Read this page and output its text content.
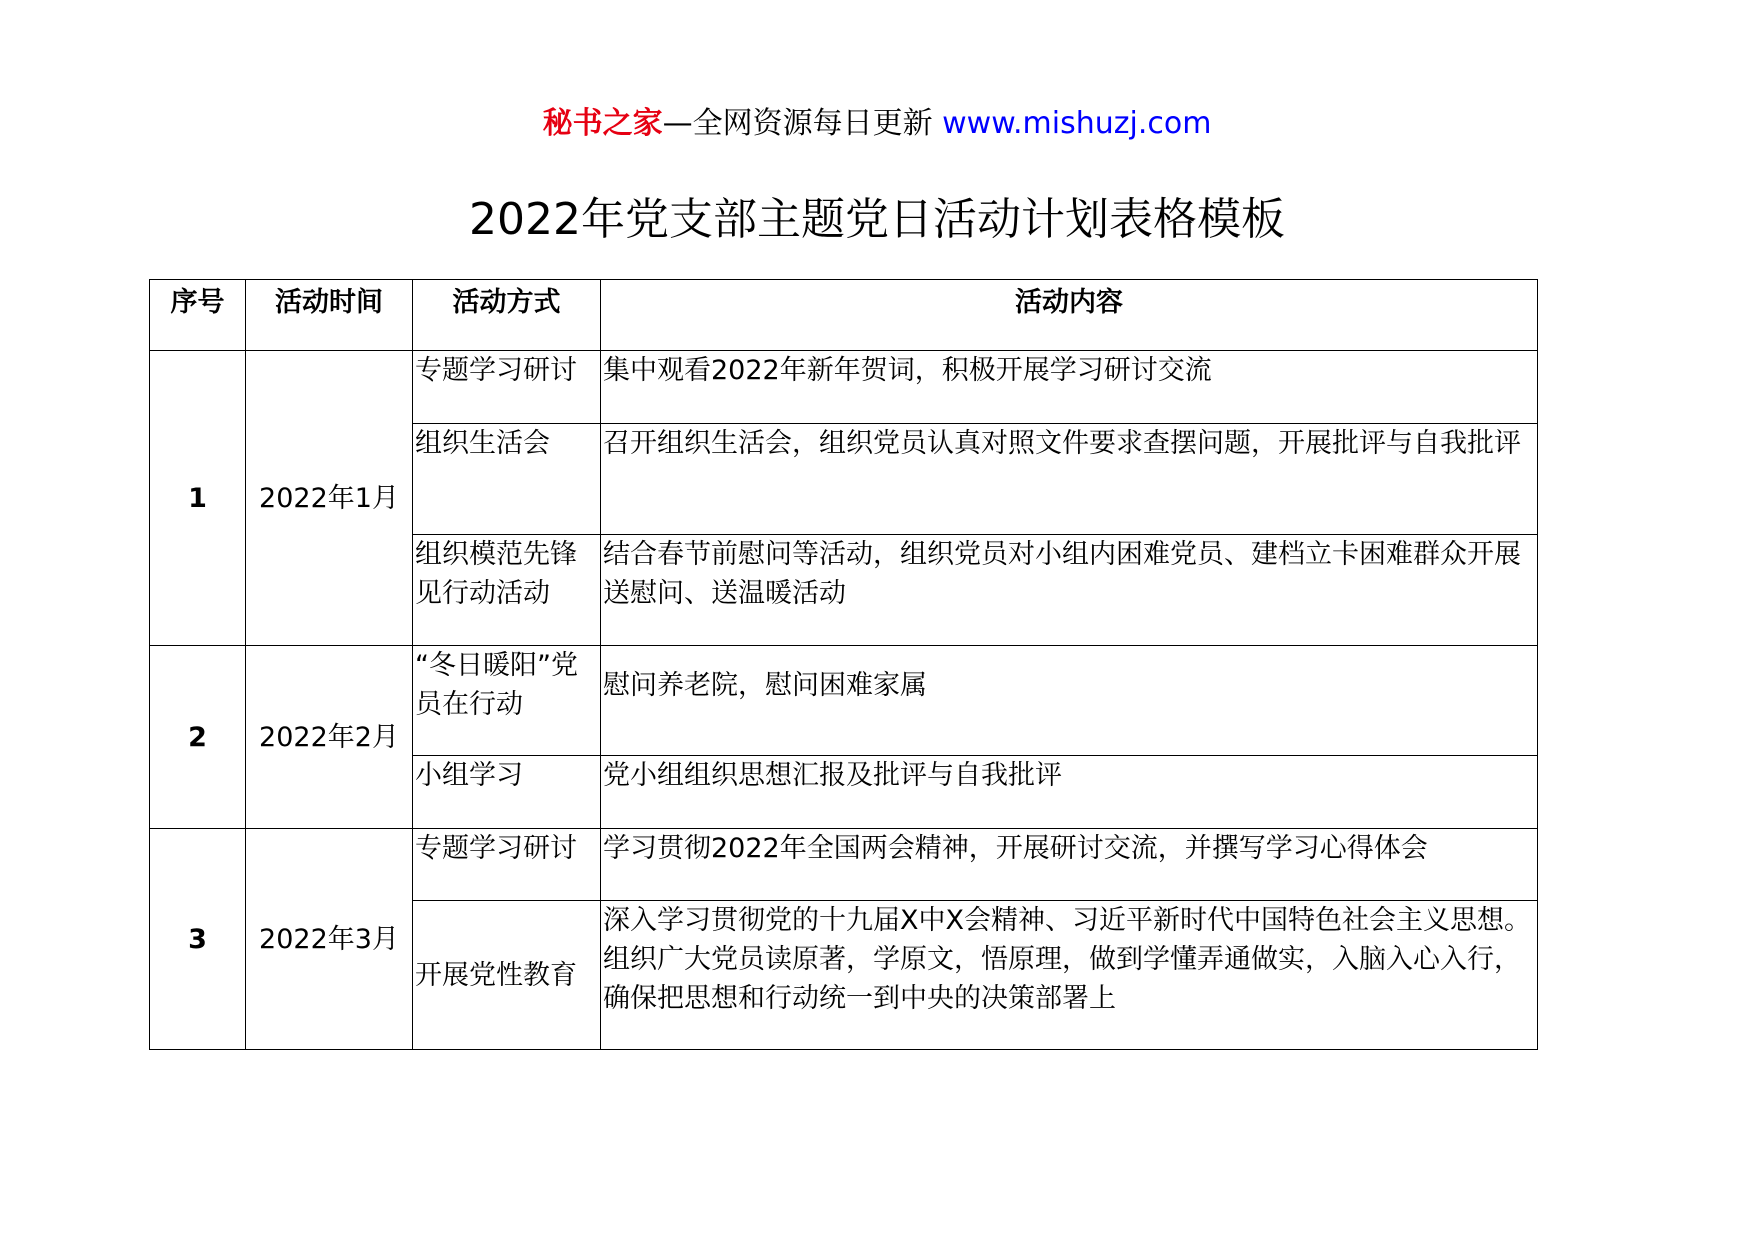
秘书之家—全网资源每日更新 www.mishuzj.com
2022年党支部主题党日活动计划表格模板
序号	活动时间	活动方式	活动内容
1	2022年1月	专题学习研讨	集中观看2022年新年贺词，积极开展学习研讨交流
		组织生活会	召开组织生活会，组织党员认真对照文件要求查摆问题，开展批评与自我批评
		组织模范先锋见行动活动	结合春节前慰问等活动，组织党员对小组内困难党员、建档立卡困难群众开展送慰问、送温暖活动
2	2022年2月	“冬日暖阳”党员在行动	慰问养老院，慰问困难家属
		小组学习	党小组组织思想汇报及批评与自我批评
3	2022年3月	专题学习研讨	学习贯彻2022年全国两会精神，开展研讨交流，并撰写学习心得体会
		开展党性教育	深入学习贯彻党的十九届X中X会精神、习近平新时代中国特色社会主义思想。组织广大党员读原著，学原文，悟原理，做到学懂弄通做实，入脑入心入行，确保把思想和行动统一到中央的决策部署上
